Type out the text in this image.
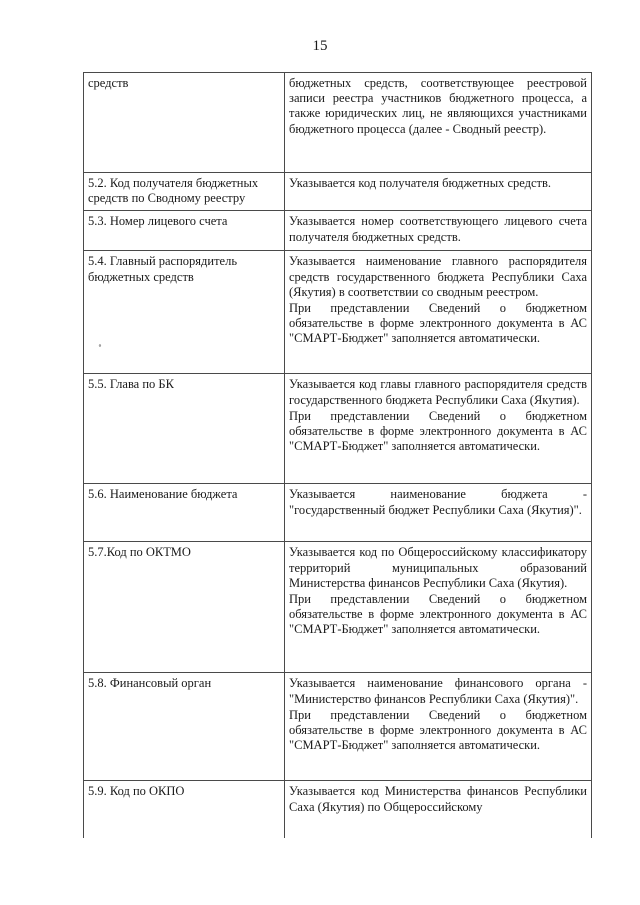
15
∘
средств	бюджетных средств, соответствующее реестровой записи реестра участников бюджетного процесса, а также юридических лиц, не являющихся участниками бюджетного процесса (далее - Сводный реестр).

5.2. Код получателя бюджетных средств по Сводному реестру	Указывается код получателя бюджетных средств.

5.3. Номер лицевого счета	Указывается номер соответствующего лицевого счета получателя бюджетных средств.

5.4. Главный распорядитель бюджетных средств	Указывается наименование главного распорядителя средств государственного бюджета Республики Саха (Якутия) в соответствии со сводным реестром.
При представлении Сведений о бюджетном обязательстве в форме электронного документа в АС "СМАРТ-Бюджет" заполняется автоматически.

5.5. Глава по БК	Указывается код главы главного распорядителя средств государственного бюджета Республики Саха (Якутия).
При представлении Сведений о бюджетном обязательстве в форме электронного документа в АС "СМАРТ-Бюджет" заполняется автоматически.

5.6. Наименование бюджета	Указывается наименование бюджета - "государственный бюджет Республики Саха (Якутия)".

5.7.Код по ОКТМО	Указывается код по Общероссийскому классификатору территорий муниципальных образований Министерства финансов Республики Саха (Якутия).
При представлении Сведений о бюджетном обязательстве в форме электронного документа в АС "СМАРТ-Бюджет" заполняется автоматически.

5.8. Финансовый орган	Указывается наименование финансового органа - "Министерство финансов Республики Саха (Якутия)".
При представлении Сведений о бюджетном обязательстве в форме электронного документа в АС "СМАРТ-Бюджет" заполняется автоматически.

5.9. Код по ОКПО	Указывается код Министерства финансов Республики Саха (Якутия) по Общероссийскому
